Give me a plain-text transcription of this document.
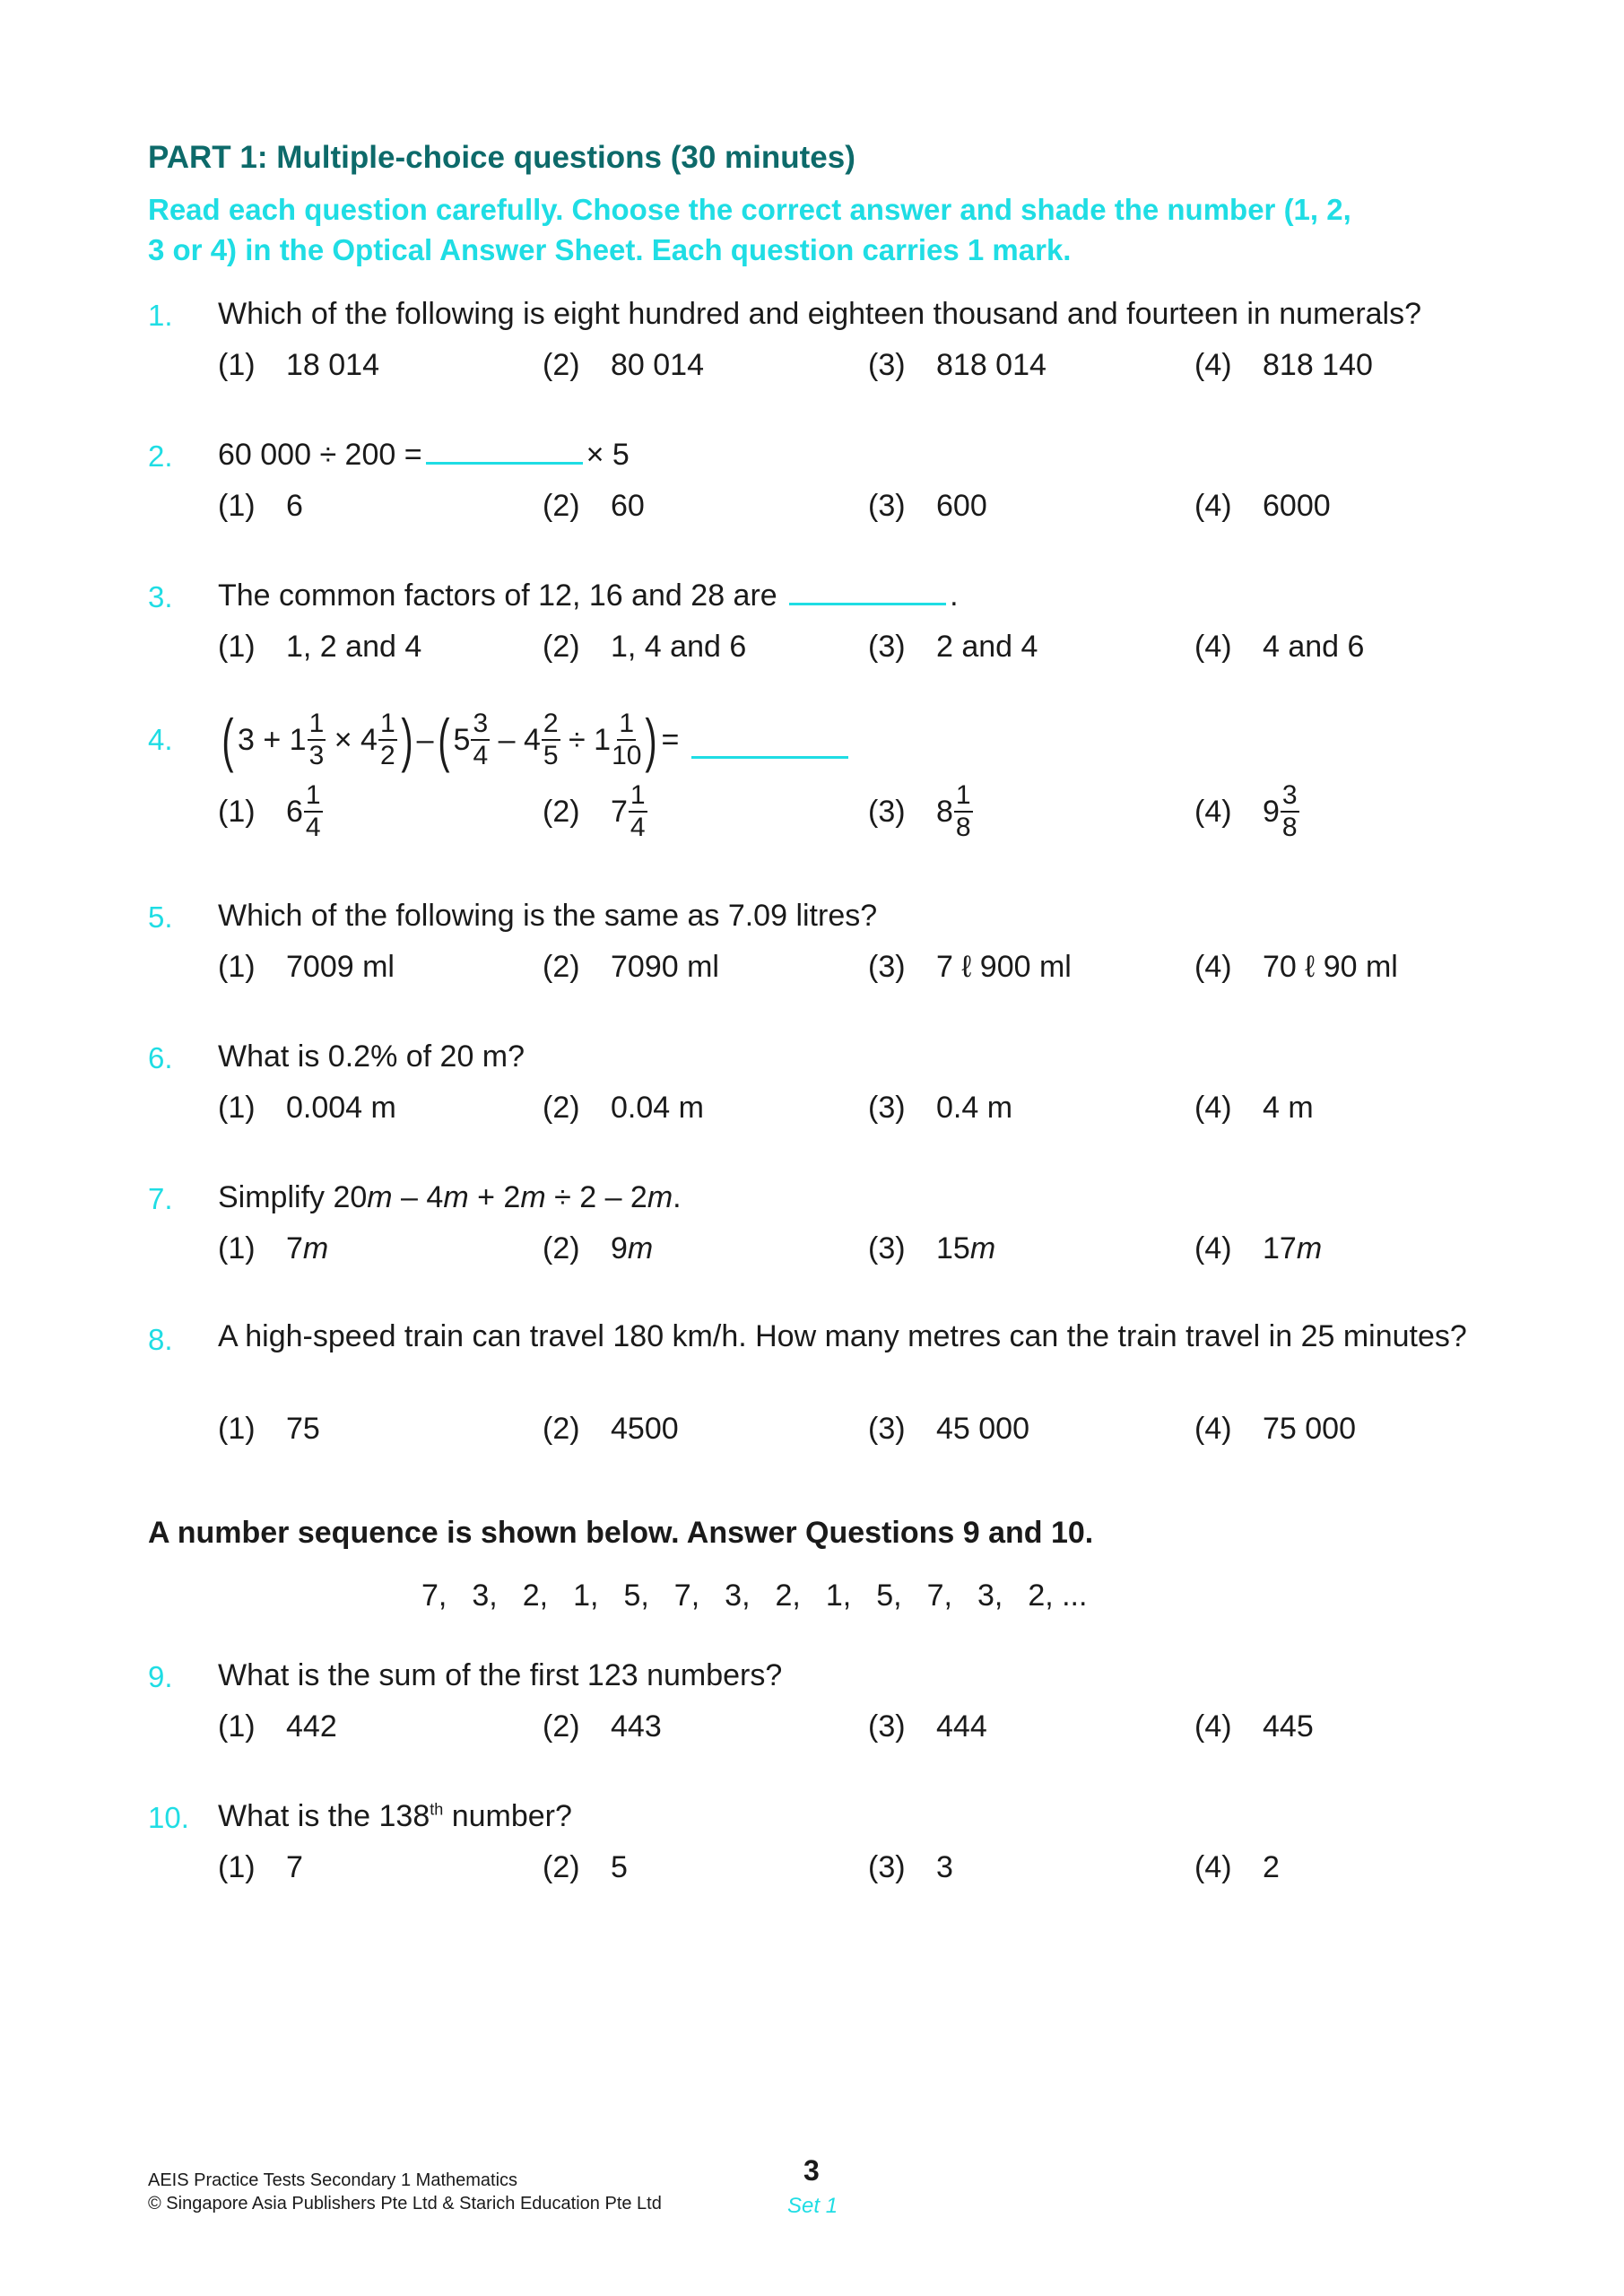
PART 1: Multiple-choice questions (30 minutes)
Read each question carefully. Choose the correct answer and shade the number (1, 2,
3 or 4) in the Optical Answer Sheet. Each question carries 1 mark.
1. Which of the following is eight hundred and eighteen thousand and fourteen in numerals?
(1) 18 014	(2) 80 014	(3) 818 014	(4) 818 140
2. 60 000 ÷ 200 =	× 5
(1) 6	(2) 60	(3) 600	(4) 6000
3. The common factors of 12, 16 and 28 are	.
(1) 1, 2 and 4	(2) 1, 4 and 6	(3) 2 and 4	(4) 4 and 6
4. ( 3 +
$1 \frac{1}{3}$
×
$4 \frac{1}{2}$ ) – ( $5 \frac{3}{4}$
–
$4 \frac{2}{5}$
÷
$1 \frac{1}{10}$ ) =

(1)	$6 \frac{1}{4}$	(2)	$7 \frac{1}{4}$	(3)	$8 \frac{1}{8}$	(4)	$9 \frac{3}{8}$
5. Which of the following is the same as 7.09 litres?
(1) 7009 ml	(2) 7090 ml	(3) 7 ℓ 900 ml	(4) 70 ℓ 90 ml
6. What is 0.2% of 20 m?
(1) 0.004 m	(2) 0.04 m	(3) 0.4 m	(4) 4 m
7. Simplify 20m – 4m + 2m ÷ 2 – 2m.
(1) 7m	(2) 9m	(3) 15m	(4) 17m
8. A high-speed train can travel 180 km/h. How many metres can the train travel in 25 minutes?
(1) 75	(2) 4500	(3) 45 000	(4) 75 000
A number sequence is shown below. Answer Questions 9 and 10.
7, 3, 2, 1, 5, 7, 3, 2, 1, 5, 7, 3, 2, ...
9. What is the sum of the first 123 numbers?
(1) 442	(2) 443	(3) 444	(4) 445
10. What is the 138th number?
(1) 7	(2) 5	(3) 3	(4) 2
AEIS Practice Tests Secondary 1 Mathematics
© Singapore Asia Publishers Pte Ltd & Starich Education Pte Ltd
3
Set 1
